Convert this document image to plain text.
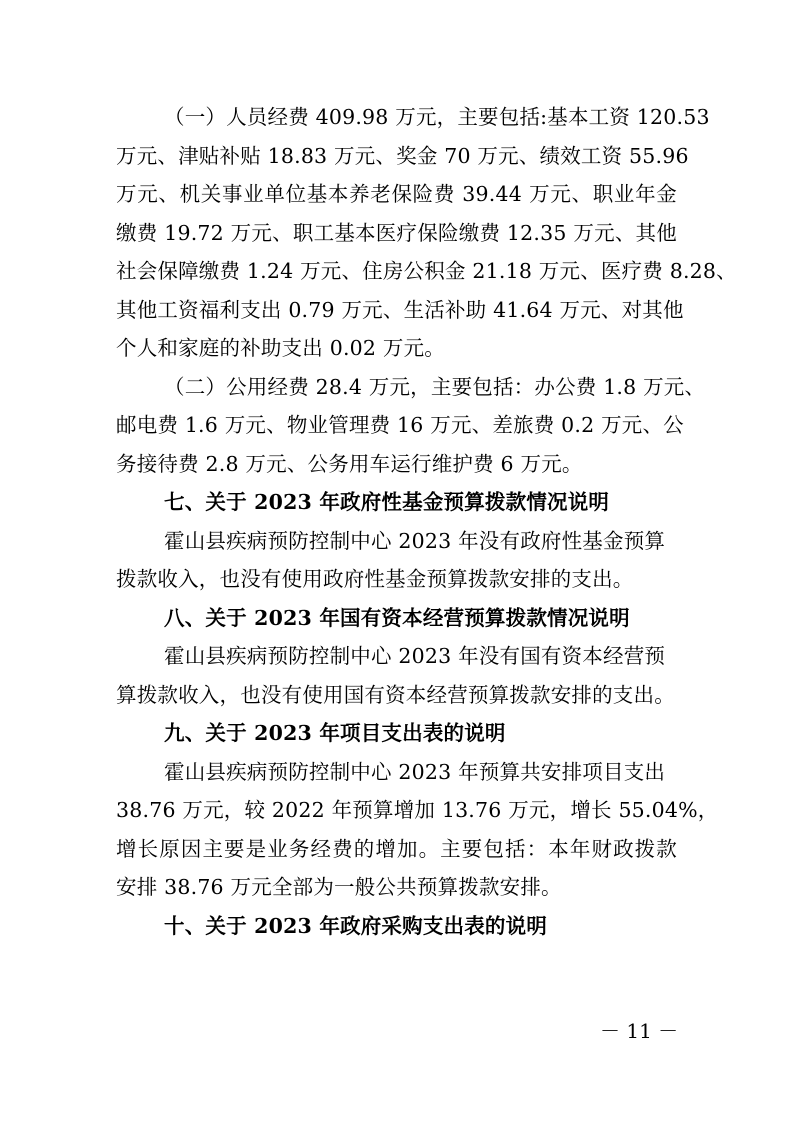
（一）人员经费 409.98 万元，主要包括:基本工资 120.53
万元、津贴补贴 18.83 万元、奖金 70 万元、绩效工资 55.96
万元、机关事业单位基本养老保险费 39.44 万元、职业年金
缴费 19.72 万元、职工基本医疗保险缴费 12.35 万元、其他
社会保障缴费 1.24 万元、住房公积金 21.18 万元、医疗费 8.28、
其他工资福利支出 0.79 万元、生活补助 41.64 万元、对其他
个人和家庭的补助支出 0.02 万元。
（二）公用经费 28.4 万元，主要包括：办公费 1.8 万元、
邮电费 1.6 万元、物业管理费 16 万元、差旅费 0.2 万元、公
务接待费 2.8 万元、公务用车运行维护费 6 万元。
七、关于 2023 年政府性基金预算拨款情况说明
霍山县疾病预防控制中心 2023 年没有政府性基金预算
拨款收入，也没有使用政府性基金预算拨款安排的支出。
八、关于 2023 年国有资本经营预算拨款情况说明
霍山县疾病预防控制中心 2023 年没有国有资本经营预
算拨款收入，也没有使用国有资本经营预算拨款安排的支出。
九、关于 2023 年项目支出表的说明
霍山县疾病预防控制中心 2023 年预算共安排项目支出
38.76 万元，较 2022 年预算增加 13.76 万元，增长 55.04%，
增长原因主要是业务经费的增加。主要包括：本年财政拨款
安排 38.76 万元全部为一般公共预算拨款安排。
十、关于 2023 年政府采购支出表的说明
－ 11 －
